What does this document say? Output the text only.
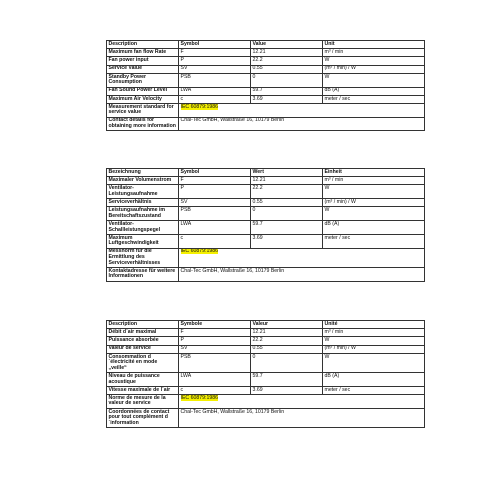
Description	Symbol	Value	Unit
Maximum fan flow Rate	F	12.21	m³ / min
Fan power input	P	22.2	W
Service Value	SV	0.55	(m³ / min) / W
Standby Power Consumption	PSB	0	W
Fan Sound Power Level	LWA	59.7	dB (A)
Maximum Air Velocity	c	3.69	meter / sec
Measurement standard for service value	IEC 60879:1986		
Contact details for obtaining more information	Chal-Tec GmbH, Wallstraße 16, 10179 Berlin		
Bezeichnung	Symbol	Wert	Einheit
Maximaler Volumenstrom	F	12.21	m³ / min
Ventilator-Leistungsaufnahme	P	22.2	W
Serviceverhältnis	SV	0.55	(m³ / min) / W
Leistungsaufnahme im Bereitschaftszustand	PSB	0	W
Ventilator-Schallleistungspegel	LWA	59.7	dB (A)
Maximum Luftgeschwindigkeit	c	3.69	meter / sec
Messnorm für die Ermittlung des Serviceverhältnisses	IEC 60879:1986		
Kontaktadresse für weitere Informationen	Chal-Tec GmbH, Wallstraße 16, 10179 Berlin		
Description	Symbole	Valeur	Unité
Débit d´air maximal	F	12.21	m³ / min
Puissance absorbée	P	22.2	W
Valeur de service	SV	0.55	(m³ / min) / W
Consommation d´électricité en mode „veille“	PSB	0	W
Niveau de puissance acoustique	LWA	59.7	dB (A)
Vitesse maximale de l´air	c	3.69	meter / sec
Norme de mesure de la valeur de service	IEC 60879:1986		
Coordonnées de contact pour tout complément d´information	Chal-Tec GmbH, Wallstraße 16, 10179 Berlin		
